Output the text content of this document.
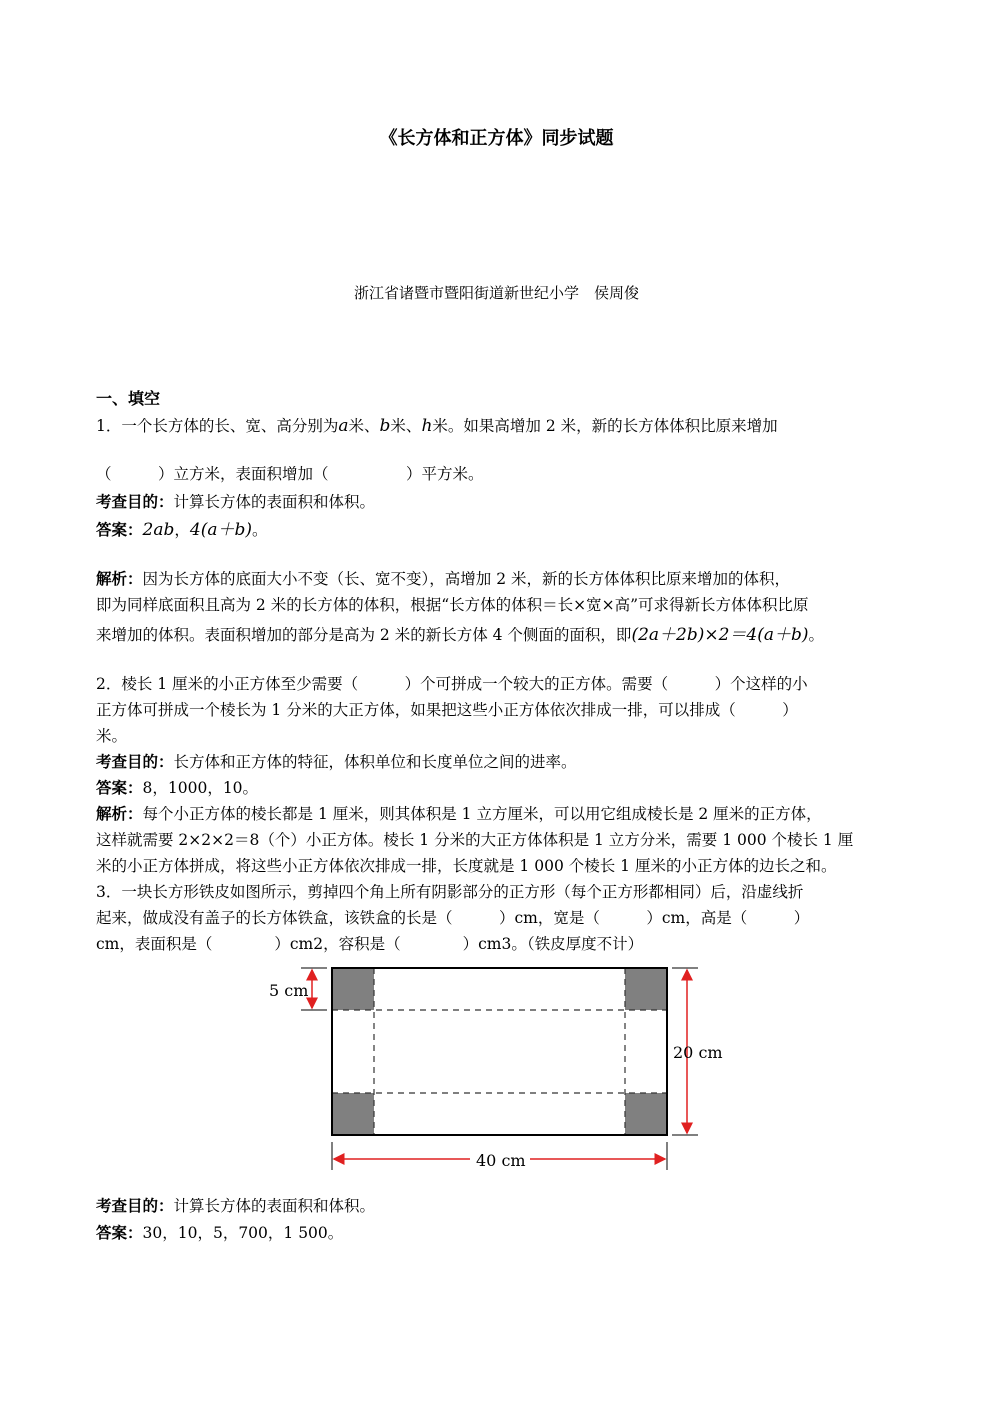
《长方体和正方体》同步试题
浙江省诸暨市暨阳街道新世纪小学　侯周俊
一、填空
1．一个长方体的长、宽、高分别为a米、b米、h米。如果高增加 2 米，新的长方体体积比原来增加
（　　　）立方米，表面积增加（　　　　　）平方米。
考查目的：计算长方体的表面积和体积。
答案：2ab，4(a＋b)。
解析：因为长方体的底面大小不变（长、宽不变），高增加 2 米，新的长方体体积比原来增加的体积，
即为同样底面积且高为 2 米的长方体的体积，根据“长方体的体积＝长×宽×高”可求得新长方体体积比原
来增加的体积。表面积增加的部分是高为 2 米的新长方体 4 个侧面的面积，即(2a＋2b)×2＝4(a＋b)。
2．棱长 1 厘米的小正方体至少需要（　　　）个可拼成一个较大的正方体。需要（　　　）个这样的小
正方体可拼成一个棱长为 1 分米的大正方体，如果把这些小正方体依次排成一排，可以排成（　　　）
米。
考查目的：长方体和正方体的特征，体积单位和长度单位之间的进率。
答案：8，1000，10。
解析：每个小正方体的棱长都是 1 厘米，则其体积是 1 立方厘米，可以用它组成棱长是 2 厘米的正方体，
这样就需要 2×2×2＝8（个）小正方体。棱长 1 分米的大正方体体积是 1 立方分米，需要 1 000 个棱长 1 厘
米的小正方体拼成，将这些小正方体依次排成一排，长度就是 1 000 个棱长 1 厘米的小正方体的边长之和。
3．一块长方形铁皮如图所示，剪掉四个角上所有阴影部分的正方形（每个正方形都相同）后，沿虚线折
起来，做成没有盖子的长方体铁盒，该铁盒的长是（　　　）cm，宽是（　　　）cm，高是（　　　）
cm，表面积是（　　　　）cm2，容积是（　　　　）cm3。（铁皮厚度不计）
5 cm
20 cm
40 cm
考查目的：计算长方体的表面积和体积。
答案：30，10，5，700，1 500。
